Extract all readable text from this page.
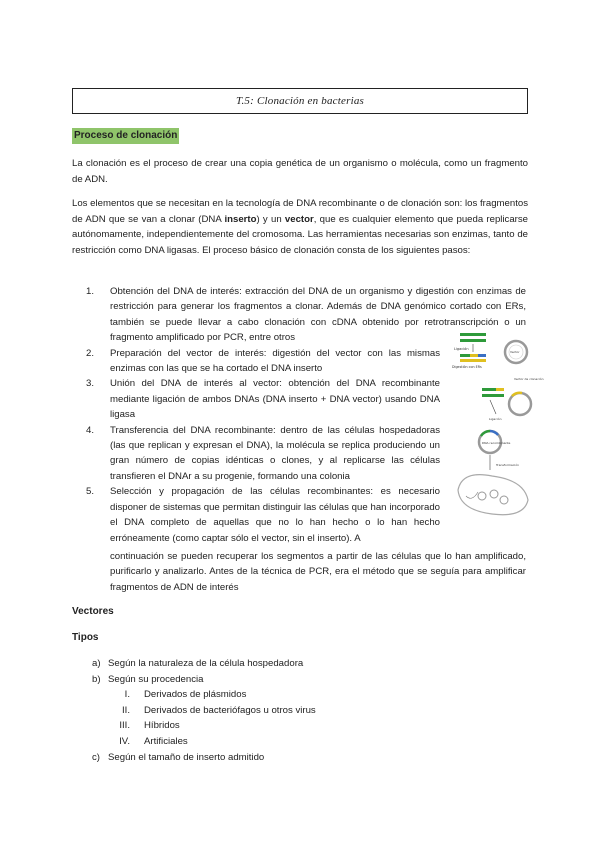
T.5: Clonación en bacterias
Proceso de clonación

La clonación es el proceso de crear una copia genética de un organismo o molécula, como un fragmento de ADN.

Los elementos que se necesitan en la tecnología de DNA recombinante o de clonación son: los fragmentos de ADN que se van a clonar (DNA inserto) y un vector, que es cualquier elemento que pueda replicarse autónomamente, independientemente del cromosoma. Las herramientas necesarias son enzimas, tanto de restricción como DNA ligasas. El proceso básico de clonación consta de los siguientes pasos:

1. Obtención del DNA de interés: extracción del DNA de un organismo y digestión con enzimas de restricción para generar los fragmentos a clonar. Además de DNA genómico cortado con ERs, también se puede llevar a cabo clonación con cDNA obtenido por retrotranscripción o un fragmento amplificado por PCR, entre otros
2. Preparación del vector de interés: digestión del vector con las mismas enzimas con las que se ha cortado el DNA inserto
3. Unión del DNA de interés al vector: obtención del DNA recombinante mediante ligación de ambos DNAs (DNA inserto + DNA vector) usando DNA ligasa
4. Transferencia del DNA recombinante: dentro de las células hospedadoras (las que replican y expresan el DNA), la molécula se replica produciendo un gran número de copias idénticas o clones, y al replicarse las células transfieren el DNAr a su progenie, formando una colonia
5. Selección y propagación de las células recombinantes: es necesario disponer de sistemas que permitan distinguir las células que han incorporado el DNA completo de aquellas que no lo han hecho o lo han hecho erróneamente (como captar sólo el vector, sin el inserto). A

continuación se pueden recuperar los segmentos a partir de las células que lo han amplificado, purificarlo y analizarlo. Antes de la técnica de PCR, era el método que se seguía para amplificar fragmentos de ADN de interés

Ligación
Digestión con ERs
Vector
Vector de clonación
Ligación
DNA recombinante
Transformación
Vectores
Tipos
a) Según la naturaleza de la célula hospedadora
b) Según su procedencia
I. Derivados de plásmidos
II. Derivados de bacteriófagos u otros virus
III. Híbridos
IV. Artificiales
c) Según el tamaño de inserto admitido
